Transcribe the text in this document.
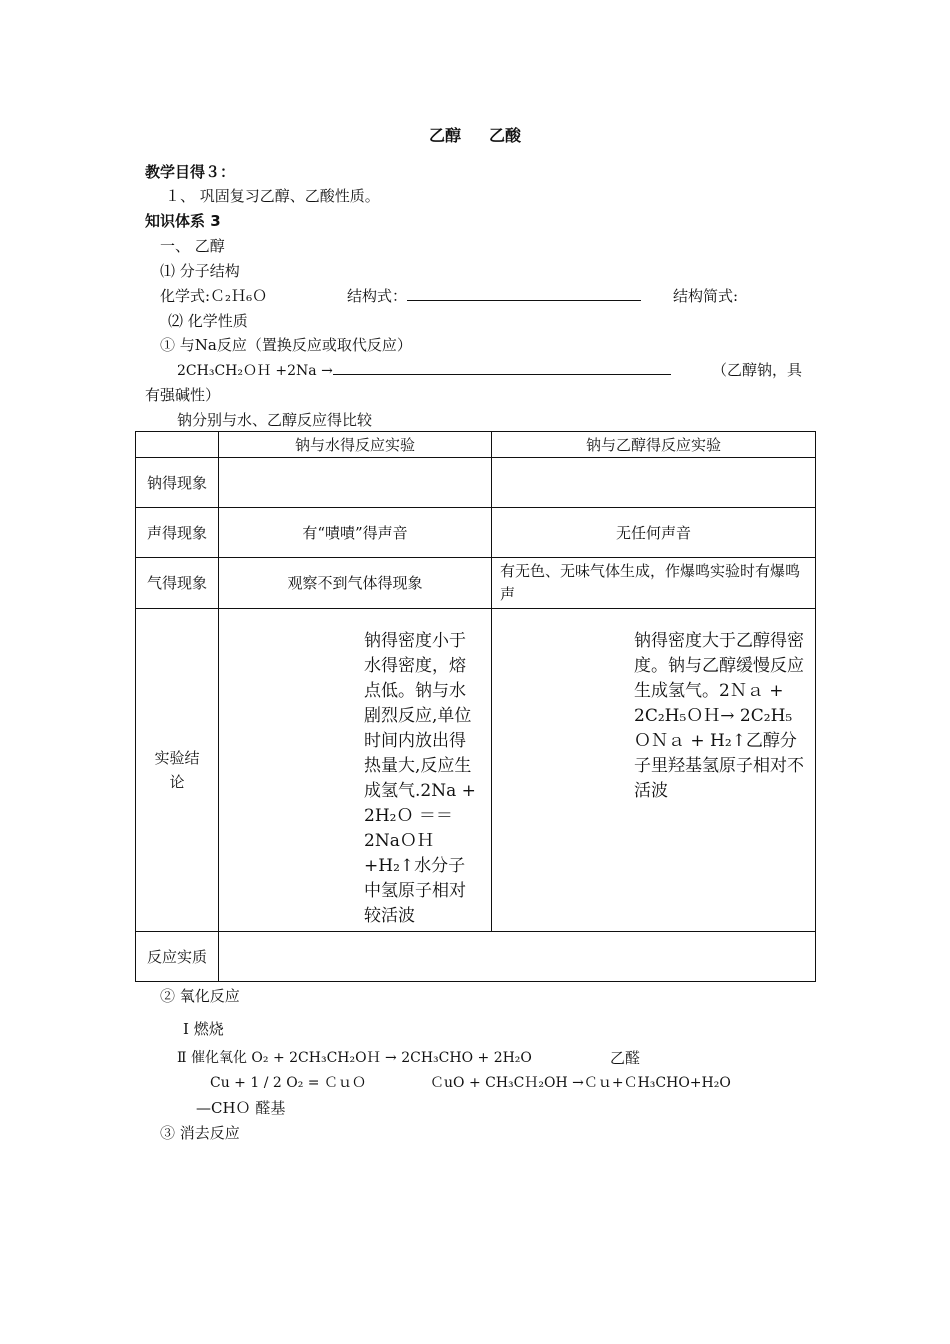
乙醇 乙酸
教学目得３：
１、 巩固复习乙醇、乙酸性质。
知识体系 3
一、 乙醇
⑴ 分子结构
化学式:Ｃ₂Ｈ₆Ｏ	结构式：	结构简式:
⑵ 化学性质
① 与Na反应（置换反应或取代反应）
2CH₃CH₂ＯＨ +2Na →	（乙醇钠，具
有强碱性）
钠分别与水、乙醇反应得比较
	钠与水得反应实验	钠与乙醇得反应实验
钠得现象		
声得现象	有“嘖嘖”得声音	无任何声音
气得现象	观察不到气体得现象	有无色、无味气体生成，作爆鸣实验时有爆鸣声
实验结论	钠得密度小于水得密度，熔点低。钠与水剧烈反应,单位时间内放出得热量大,反应生成氢气.2Na + 2H₂Ｏ ＝＝ 2NaＯＨ +H₂↑水分子中氢原子相对较活波	钠得密度大于乙醇得密度。钠与乙醇缓慢反应生成氢气。2Ｎａ + 2C₂H₅ＯＨ→ 2C₂H₅ＯＮａ + H₂↑乙醇分子里羟基氢原子相对不活波
反应实质		
② 氧化反应
Ⅰ 燃烧
Ⅱ 催化氧化 O₂ + 2CH₃CH₂OＨ → 2CH₃CHO + 2H₂O	乙醛
Cu + 1 / 2 O₂ = ＣｕＯ	ＣuO + CH₃CＨ₂OH →Ｃｕ+ＣH₃CHO+H₂O
—CHＯ 醛基
③ 消去反应
